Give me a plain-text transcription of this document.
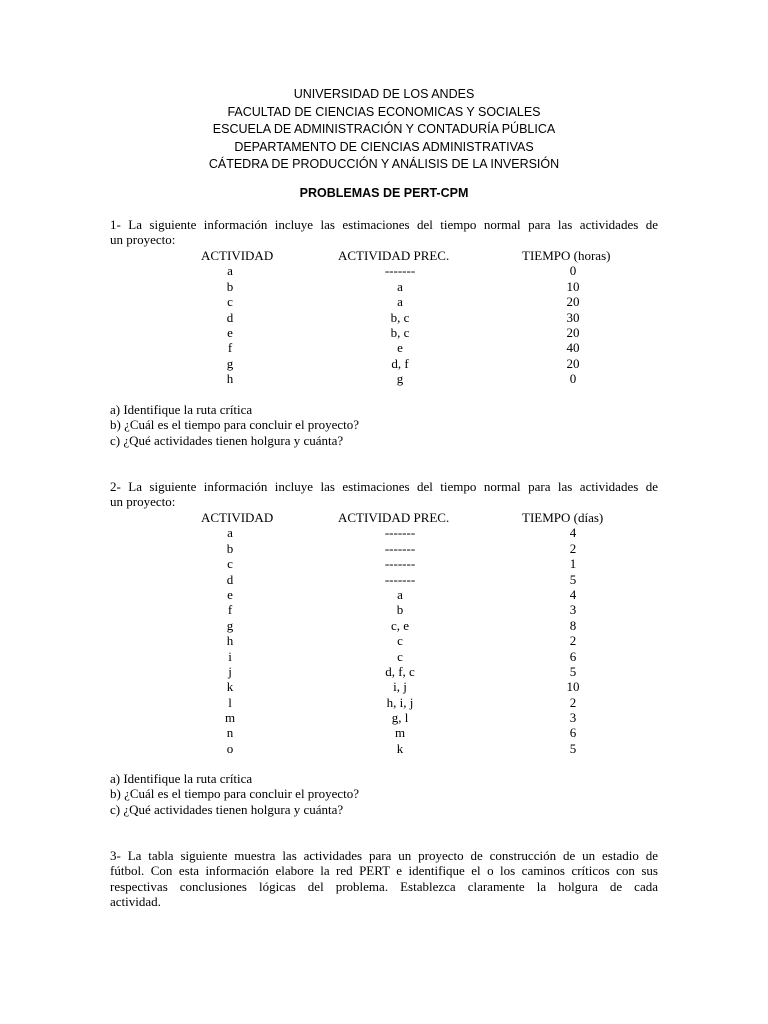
UNIVERSIDAD DE LOS ANDES
FACULTAD DE CIENCIAS ECONOMICAS Y SOCIALES
ESCUELA DE ADMINISTRACIÓN Y CONTADURÍA PÚBLICA
DEPARTAMENTO DE CIENCIAS ADMINISTRATIVAS
CÁTEDRA DE PRODUCCIÓN Y ANÁLISIS DE LA INVERSIÓN
PROBLEMAS DE PERT-CPM
1- La siguiente información incluye las estimaciones del tiempo normal para las actividades de
un proyecto:
ACTIVIDAD	ACTIVIDAD PREC.	TIEMPO (horas)
a	-------	0
b	a	10
c	a	20
d	b, c	30
e	b, c	20
f	e	40
g	d, f	20
h	g	0
a) Identifique la ruta crítica
b) ¿Cuál es el tiempo para concluir el proyecto?
c) ¿Qué actividades tienen holgura y cuánta?
2- La siguiente información incluye las estimaciones del tiempo normal para las actividades de
un proyecto:
ACTIVIDAD	ACTIVIDAD PREC.	TIEMPO (días)
a	-------	4
b	-------	2
c	-------	1
d	-------	5
e	a	4
f	b	3
g	c, e	8
h	c	2
i	c	6
j	d, f, c	5
k	i, j	10
l	h, i, j	2
m	g, l	3
n	m	6
o	k	5
a) Identifique la ruta crítica
b) ¿Cuál es el tiempo para concluir el proyecto?
c) ¿Qué actividades tienen holgura y cuánta?
3- La tabla siguiente muestra las actividades para un proyecto de construcción de un estadio de
fútbol. Con esta información elabore la red PERT e identifique el o los caminos críticos con sus
respectivas conclusiones lógicas del problema. Establezca claramente la holgura de cada
actividad.
